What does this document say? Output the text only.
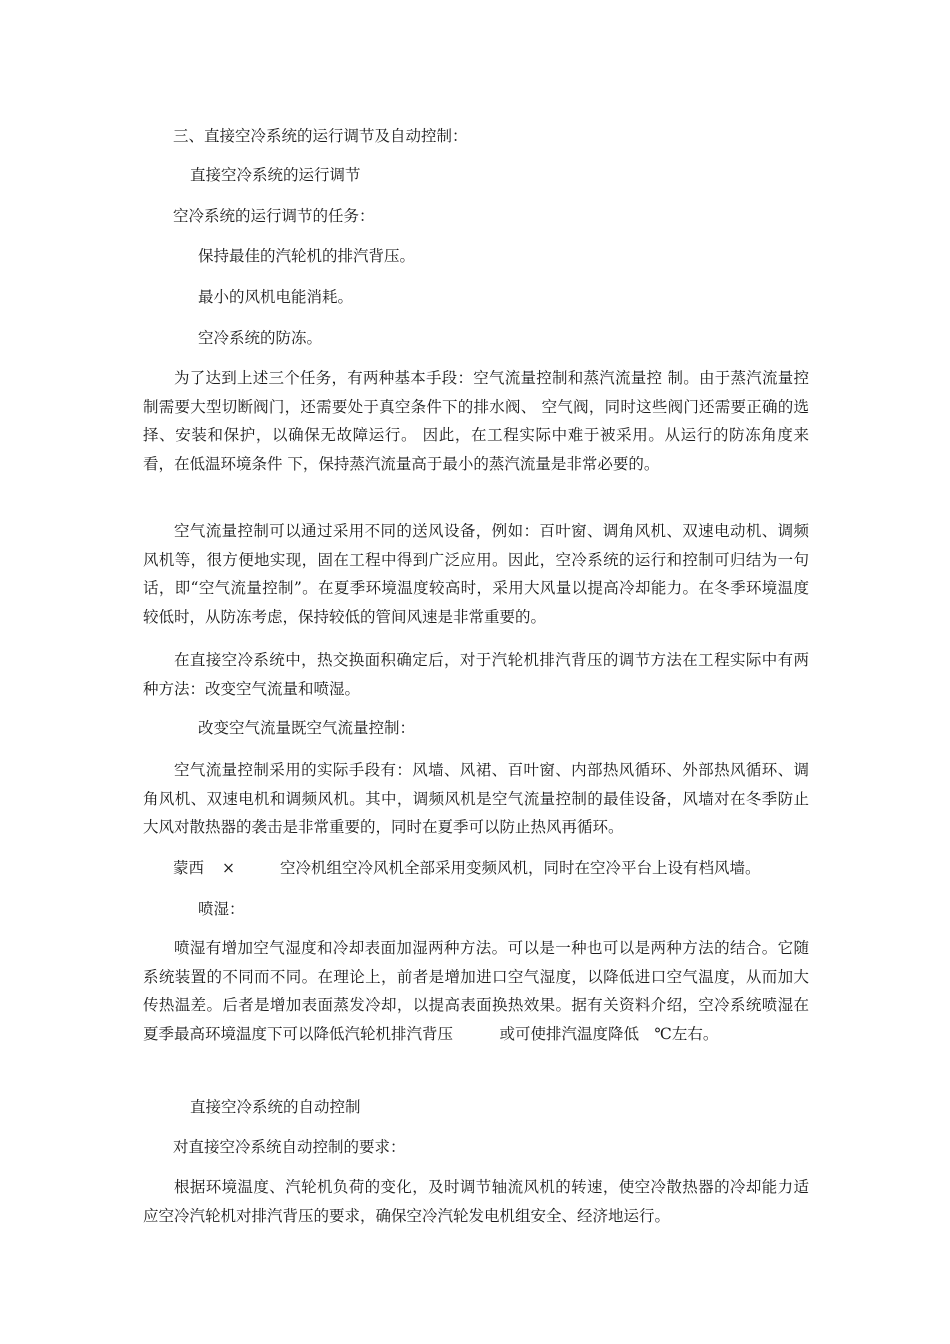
三、直接空冷系统的运行调节及自动控制：
直接空冷系统的运行调节
空冷系统的运行调节的任务：
保持最佳的汽轮机的排汽背压。
最小的风机电能消耗。
空冷系统的防冻。

为了达到上述三个任务，有两种基本手段：空气流量控制和蒸汽流量控 制。由于蒸汽流量控制需要大型切断阀门，还需要处于真空条件下的排水阀、 空气阀，同时这些阀门还需要正确的选择、安装和保护，以确保无故障运行。 因此，在工程实际中难于被采用。从运行的防冻角度来看，在低温环境条件 下，保持蒸汽流量高于最小的蒸汽流量是非常必要的。

空气流量控制可以通过采用不同的送风设备，例如：百叶窗、调角风机、双速电动机、调频风机等，很方便地实现，固在工程中得到广泛应用。因此，空冷系统的运行和控制可归结为一句话，即“空气流量控制”。在夏季环境温度较高时，采用大风量以提高冷却能力。在冬季环境温度较低时，从防冻考虑，保持较低的管间风速是非常重要的。

在直接空冷系统中，热交换面积确定后，对于汽轮机排汽背压的调节方法在工程实际中有两种方法：改变空气流量和喷湿。

改变空气流量既空气流量控制：

空气流量控制采用的实际手段有：风墙、风裙、百叶窗、内部热风循环、外部热风循环、调角风机、双速电机和调频风机。其中，调频风机是空气流量控制的最佳设备，风墙对在冬季防止大风对散热器的袭击是非常重要的，同时在夏季可以防止热风再循环。

蒙西 ×	空冷机组空冷风机全部采用变频风机，同时在空冷平台上设有档风墙。
喷湿：

喷湿有增加空气湿度和冷却表面加湿两种方法。可以是一种也可以是两种方法的结合。它随系统装置的不同而不同。在理论上，前者是增加进口空气湿度，以降低进口空气温度，从而加大传热温差。后者是增加表面蒸发冷却，以提高表面换热效果。据有关资料介绍，空冷系统喷湿在夏季最高环境温度下可以降低汽轮机排汽背压　　　或可使排汽温度降低　℃左右。

直接空冷系统的自动控制
对直接空冷系统自动控制的要求：

根据环境温度、汽轮机负荷的变化，及时调节轴流风机的转速，使空冷散热器的冷却能力适应空冷汽轮机对排汽背压的要求，确保空冷汽轮发电机组安全、经济地运行。
